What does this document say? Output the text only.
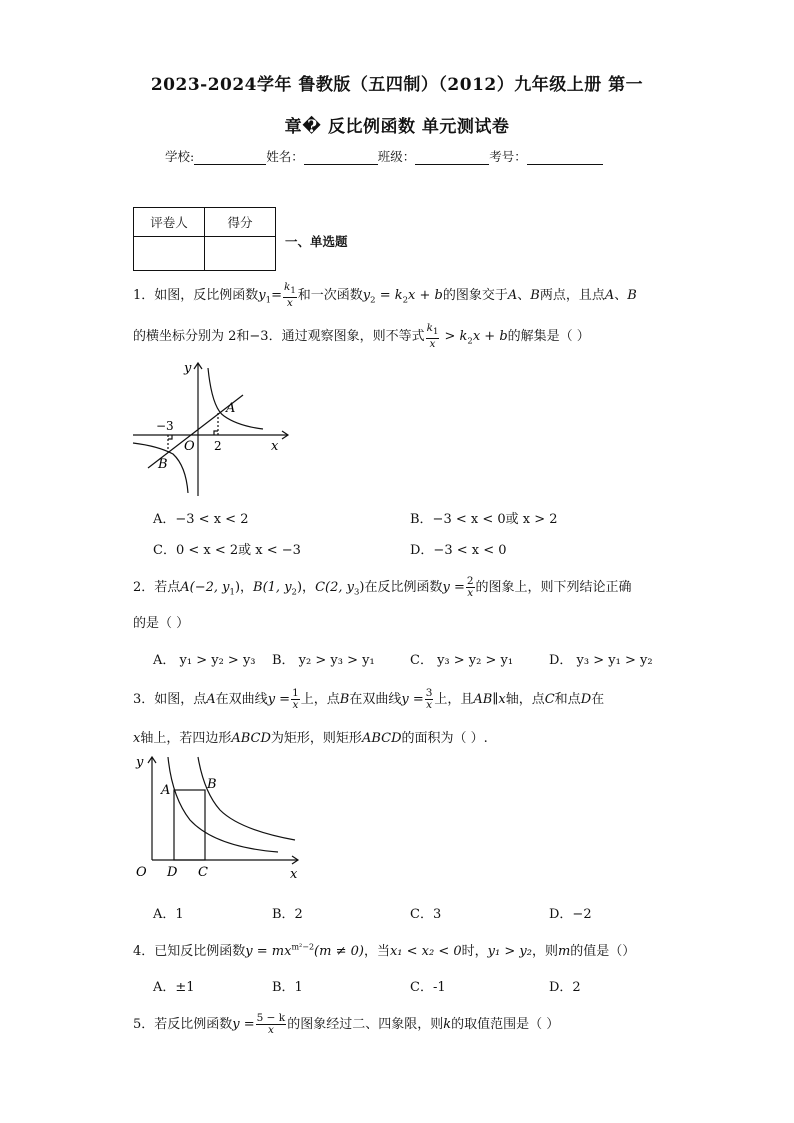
2023-2024学年 鲁教版（五四制）（2012）九年级上册 第一
章� 反比例函数 单元测试卷
学校:	姓名：	班级：	考号：
评卷人	得分

一、单选题
1．如图，反比例函数$y_1= \frac{k_1}{x}$ 和一次函数$y_2 = k_2x + b$的图象交于A、B两点，且点A、B
的横坐标分别为 2和−3．通过观察图象，则不等式 $\frac{k_1}{x} > k_2x + b$的解集是（ ）
y
x
O
A
B
−3
2
A．−3 < x < 2	B．−3 < x < 0或 x > 2
C．0 < x < 2或 x < −3	D．−3 < x < 0
2．若点A(−2, $y_1$)，B(1, $y_2$)，C(2, $y_3$)在反比例函数$y = \frac{2}{x}$ 的图象上，则下列结论正确
的是（ ）
A． y₁ > y₂ > y₃ B． y₂ > y₃ > y₁	C． y₃ > y₂ > y₁	D． y₃ > y₁ > y₂
3．如图，点A在双曲线$y = \frac{1}{x}$ 上，点B在双曲线$y = \frac{3}{x}$ 上，且AB∥x轴，点C和点D在
x轴上，若四边形ABCD为矩形，则矩形ABCD的面积为（ ）.
y
x
O
A	B
D C
A．1	B．2	C．3	D．−2
4．已知反比例函数$y = mx^{m^2-2}(m \ne 0)$，当x₁ < x₂ < 0时，y₁ > y₂，则m的值是（）
A．±1	B．1	C．-1	D．2
5．若反比例函数$y = \frac{5 - k}{x}$ 的图象经过二、四象限，则k的取值范围是（ ）
